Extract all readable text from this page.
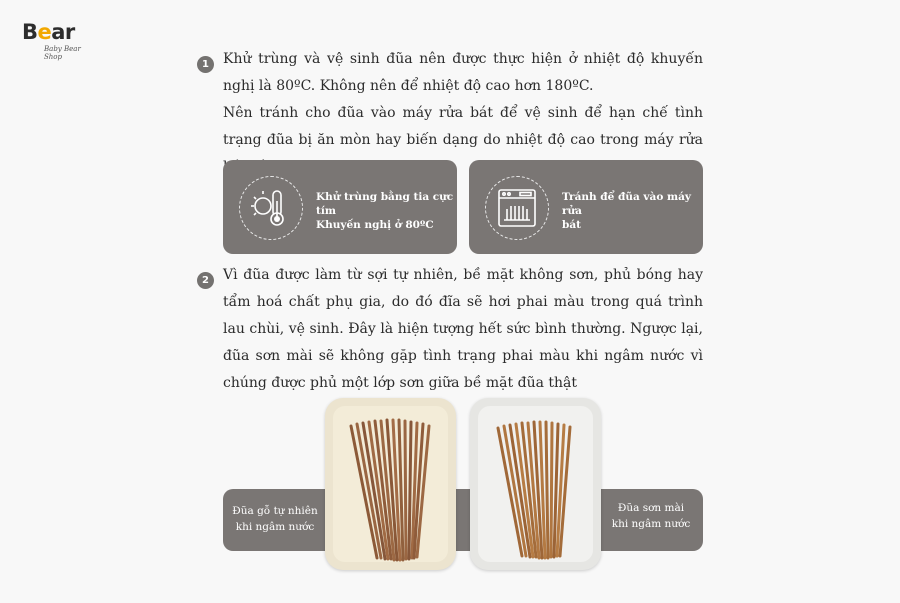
Bear
Baby Bear Shop
1	Khử trùng và vệ sinh đũa nên được thực hiện ở nhiệt độ khuyến nghị là 80ºC. Không nên để nhiệt độ cao hơn 180ºC.

Nên tránh cho đũa vào máy rửa bát để vệ sinh để hạn chế tình trạng đũa bị ăn mòn hay biến dạng do nhiệt độ cao trong máy rửa

Khử trùng bằng tia cực tím
Khuyến nghị ở 80ºC
Tránh để đũa vào máy rửa
bát
2	Vì đũa được làm từ sợi tự nhiên, bề mặt không sơn, phủ bóng hay tẩm hoá chất phụ gia, do đó đĩa sẽ hơi phai màu trong quá trình lau chùi, vệ sinh. Đây là hiện tượng hết sức bình thường. Ngược lại, đũa sơn mài sẽ không gặp tình trạng phai màu khi ngâm nước vì chúng được phủ một lớp sơn giữa bề mặt đũa thật
Đũa gỗ tự nhiên
khi ngâm nước
Đũa sơn mài
khi ngâm nước
